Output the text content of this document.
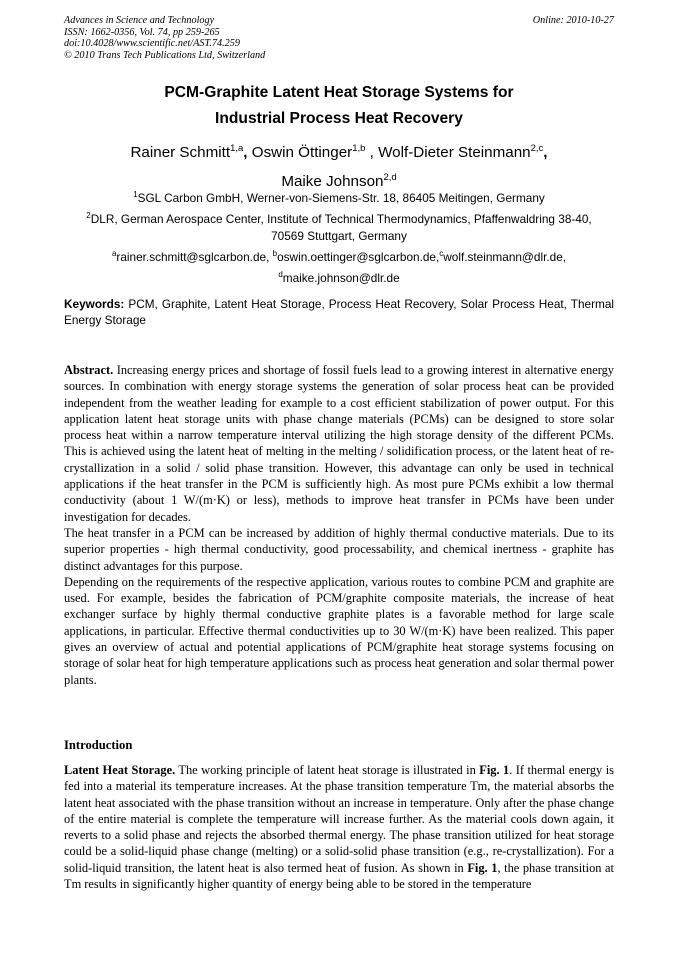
Advances in Science and Technology
ISSN: 1662-0356, Vol. 74, pp 259-265
doi:10.4028/www.scientific.net/AST.74.259
© 2010 Trans Tech Publications Ltd, Switzerland
Online: 2010-10-27
PCM-Graphite Latent Heat Storage Systems for
Industrial Process Heat Recovery
Rainer Schmitt$^{1,a}$, Oswin Öttinger$^{1,b}$ , Wolf-Dieter Steinmann$^{2,c}$,
Maike Johnson$^{2,d}$
$^1$SGL Carbon GmbH, Werner-von-Siemens-Str. 18, 86405 Meitingen, Germany
$^2$DLR, German Aerospace Center, Institute of Technical Thermodynamics, Pfaffenwaldring 38-40,
70569 Stuttgart, Germany
$^a$rainer.schmitt@sglcarbon.de, $^b$oswin.oettinger@sglcarbon.de,$^c$wolf.steinmann@dlr.de,
$^d$maike.johnson@dlr.de
Keywords: PCM, Graphite, Latent Heat Storage, Process Heat Recovery, Solar Process Heat, Thermal Energy Storage

Abstract. Increasing energy prices and shortage of fossil fuels lead to a growing interest in alternative energy sources. In combination with energy storage systems the generation of solar process heat can be provided independent from the weather leading for example to a cost efficient stabilization of power output. For this application latent heat storage units with phase change materials (PCMs) can be designed to store solar process heat within a narrow temperature interval utilizing the high storage density of the different PCMs. This is achieved using the latent heat of melting in the melting / solidification process, or the latent heat of re-crystallization in a solid / solid phase transition. However, this advantage can only be used in technical applications if the heat transfer in the PCM is sufficiently high. As most pure PCMs exhibit a low thermal conductivity (about 1 W/(m·K) or less), methods to improve heat transfer in PCMs have been under investigation for decades.

The heat transfer in a PCM can be increased by addition of highly thermal conductive materials. Due to its superior properties - high thermal conductivity, good processability, and chemical inertness - graphite has distinct advantages for this purpose.

Depending on the requirements of the respective application, various routes to combine PCM and graphite are used. For example, besides the fabrication of PCM/graphite composite materials, the increase of heat exchanger surface by highly thermal conductive graphite plates is a favorable method for large scale applications, in particular. Effective thermal conductivities up to 30 W/(m·K) have been realized. This paper gives an overview of actual and potential applications of PCM/graphite heat storage systems focusing on storage of solar heat for high temperature applications such as process heat generation and solar thermal power plants.

Introduction

Latent Heat Storage. The working principle of latent heat storage is illustrated in Fig. 1. If thermal energy is fed into a material its temperature increases. At the phase transition temperature Tm, the material absorbs the latent heat associated with the phase transition without an increase in temperature. Only after the phase change of the entire material is complete the temperature will increase further. As the material cools down again, it reverts to a solid phase and rejects the absorbed thermal energy. The phase transition utilized for heat storage could be a solid-liquid phase change (melting) or a solid-solid phase transition (e.g., re-crystallization). For a solid-liquid transition, the latent heat is also termed heat of fusion. As shown in Fig. 1, the phase transition at Tm results in significantly higher quantity of energy being able to be stored in the temperature
